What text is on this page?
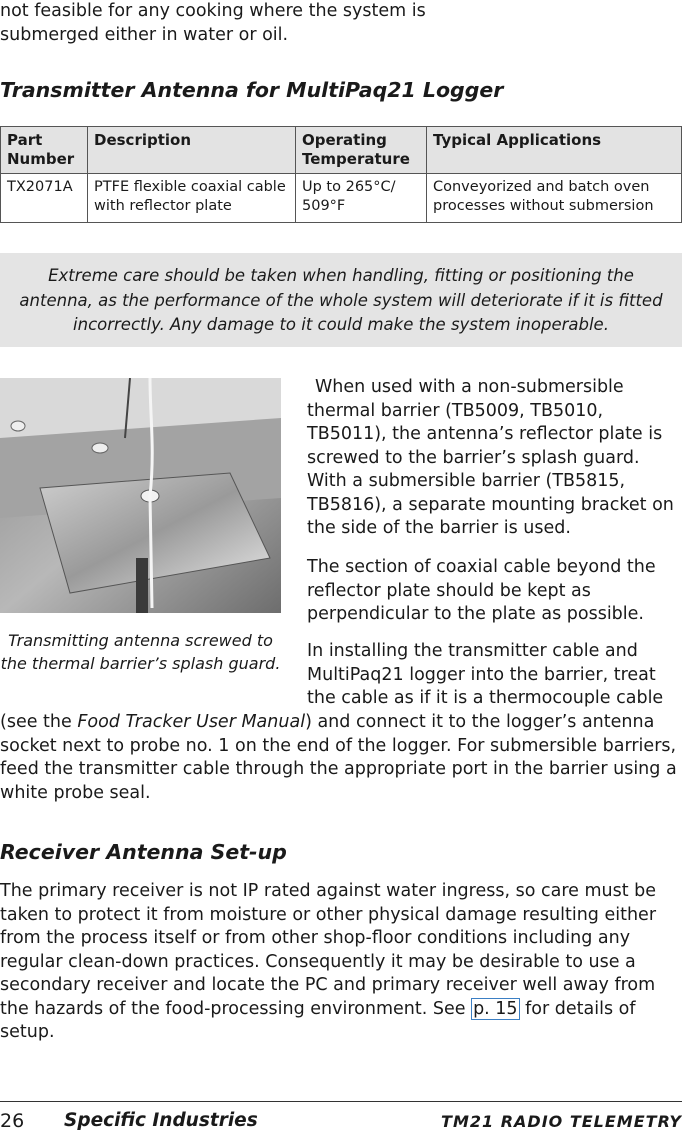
not feasible for any cooking where the system is submerged either in water or oil.

Transmitter Antenna for MultiPaq21 Logger
Part Number	Description	Operating Temperature	Typical Applications
TX2071A	PTFE flexible coaxial cable with reflector plate	Up to 265°C/ 509°F	Conveyorized and batch oven processes without submersion
Extreme care should be taken when handling, fitting or positioning the antenna, as the performance of the whole system will deteriorate if it is fitted incorrectly. Any damage to it could make the system inoperable.
Transmitting antenna screwed to the thermal barrier’s splash guard.

When used with a non-submersible thermal barrier (TB5009, TB5010, TB5011), the antenna’s reflector plate is screwed to the barrier’s splash guard. With a submersible barrier (TB5815, TB5816), a separate mounting bracket on the side of the barrier is used.

The section of coaxial cable beyond the reflector plate should be kept as perpendicular to the plate as possible.

In installing the transmitter cable and MultiPaq21 logger into the barrier, treat the cable as if it is a thermocouple cable

(see the Food Tracker User Manual) and connect it to the logger’s antenna socket next to probe no. 1 on the end of the logger. For submersible barriers, feed the transmitter cable through the appropriate port in the barrier using a white probe seal.

Receiver Antenna Set-up

The primary receiver is not IP rated against water ingress, so care must be taken to protect it from moisture or other physical damage resulting either from the process itself or from other shop-floor conditions including any regular clean-down practices. Consequently it may be desirable to use a secondary receiver and locate the PC and primary receiver well away from the hazards of the food-processing environment. See p. 15 for details of setup.

26 Specific Industries	TM21 RADIO TELEMETRY
